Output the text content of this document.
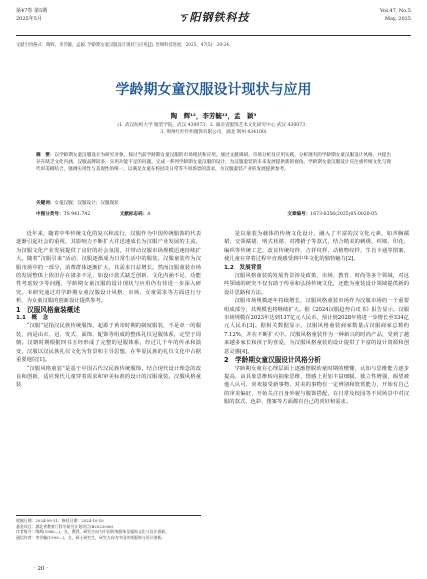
第47卷 第5期
2025年5月	ㄎ阳钢铁科技	Vol.47, No.5
May, 2025
文献引用格式：陶辉，李芳毓，孟颖. 学龄期女童汉服设计现状与应用[J]. 丝绸科技进展，2025，47(5)：20-24.
学龄期女童汉服设计现状与应用
陶　辉¹²，李芳毓¹³，孟　颖³
(1. 武汉纺织大学 服装学院，武汉 430073；2. 湖北省服饰艺术文化研究中心 武汉 430073；
3. 荆州红叶针织服饰有限公司，湖北 荆州 434100)
摘　要：以学龄期女童汉服设计为研究对象，探讨当前学龄期女童汉服的市场现状和应用。通过文献调研、市场分析及应用实践，分析现有的学龄期女童汉服设计风格，并提出存在缺乏文化内涵、汉服品牌较多，实用功能不足的问题。完成一系列学龄期女童汉服的设计，为汉服童装的未来发展提供新的视角。学龄期女童汉服设计应注重传统文化与现代审美相结合，强调实用性与美观性的统一，以满足女童在校园及日常等不同场景的需求，为汉服童装产业的发展提供参考。
关键词：女童汉服；汉服设计；汉服现状
中图分类号：TS 941.742	文献标志码：A	文章编号：1673-0356(2025)05-0020-05

近年来，随着中华传统文化的复兴和流行，汉服作为中国传统服饰的代表逐渐引起社会的重视，其影响力不断扩大并迅速成长为汉服产业发展的主流，为汉服文化产业发展提供了良好的社会氛围，并带动汉服市场规模迅速持续扩大。随着“汉服引来”活动，汉服逐渐成为日常生活中的服装，汉服童装作为汉服市场中的一部分，消费群体逐渐扩大，其需求日益增长。然而汉服童装市场的发展整体上依旧存在诸多不足，如设计款式缺乏创新、文化内涵不足、功能性考虑较少等问题，学龄期女童汉服的设计现状与应用仍有待进一步深入研究。本研究通过对学龄期女童汉服设计风格、市场、女童需求等方面进行分析，为女童汉服的创新设计提供参考。

1　汉服风格童装概述

1.1　概　念

“汉服”是指汉民族传统服饰，起源于黄帝时期的制度服装，不是单一的服装，而是由衣、冠、发式、面饰、配饰等组成的整体礼仪冠服体系，定型于周朝。汉朝时期根据四书五经形成了完整的冠服体系，经过几千年的传承和演变，汉服以汉民族礼仪文化为背景和主导思想，在华夏民族的礼仪文化中占据重要地位[1]。

“汉服风格童装”是基于中国古代汉民族传统服饰，结合现代设计理念的改良和创新，适应现代儿童穿着需求和审美标准的设计的汉服童装。汉服风格童装

收稿日期：2024-09-11；修回日期：2024-10-10
基金项目：湖北省教育厅科学研究计划项目(B2023096)
作者简介：陶辉(1980—)，女，教授，研究方向为中国传统服饰及服饰文化与设计创新。
通信作者：李芳毓(1999—)，女，硕士研究生，研究方向为中国传统服饰与设计创新。

是以童装为载体的传统文化设计，融入了丰富的汉文化元素，如齐胸襦裙、交领襦裙、明式袄裙、对襟褙子等款式，结合精美的刺绣、织锦、印花、编织等传统工艺，改良传统纹样、吉祥纹样、动植物纹样，生肖卡通等图案，使儿童在穿着过程中直观感受到中华文化的独特魅力[2]。

1.2　发展背景

汉服风格童装的发展背景涉及政策、市场、教育、时尚等多个领域，对这些领域的研究不仅有助于传承和弘扬传统文化，还能为童装设计领域提供新的设计思路和方法。

汉服市场规模逐年持续增长，汉服风格童装市场作为汉服市场的一个重要组成部分，其规模也将继续扩大。据《2024汉服趋势白皮书》报告显示，汉服市场规模在2023年达到137亿元人民币，预计到2028年将进一步增长至334亿元人民币[3]。据相关数据显示，汉服风格童装商家数量占汉服商家总数约7.12%，并在不断扩大中。汉服风格童装作为一种新兴的时尚产品，受到了越来越多家长和孩子的喜爱，为汉服风格童装的设计提供了丰富的设计资源和创意灵感[4]。

2　学龄期女童汉服设计风格分析

学龄期女童在心理层面上逐渐摆脱幼童时期的懵懂，认知与思维能力逐步提高，由具象思维转向抽象思维，情感上更加丰富细腻，独立性增强，渴望被他人认可，喜欢接受新事物，对美的事物有一定辨别和欣赏能力，开始有自己的审美偏好，开始关注自身外貌与服饰搭配，在日常及校园等不同场景中对汉服的款式、色彩、图案等方面都有自己的喜好和需求。

· 20 ·
